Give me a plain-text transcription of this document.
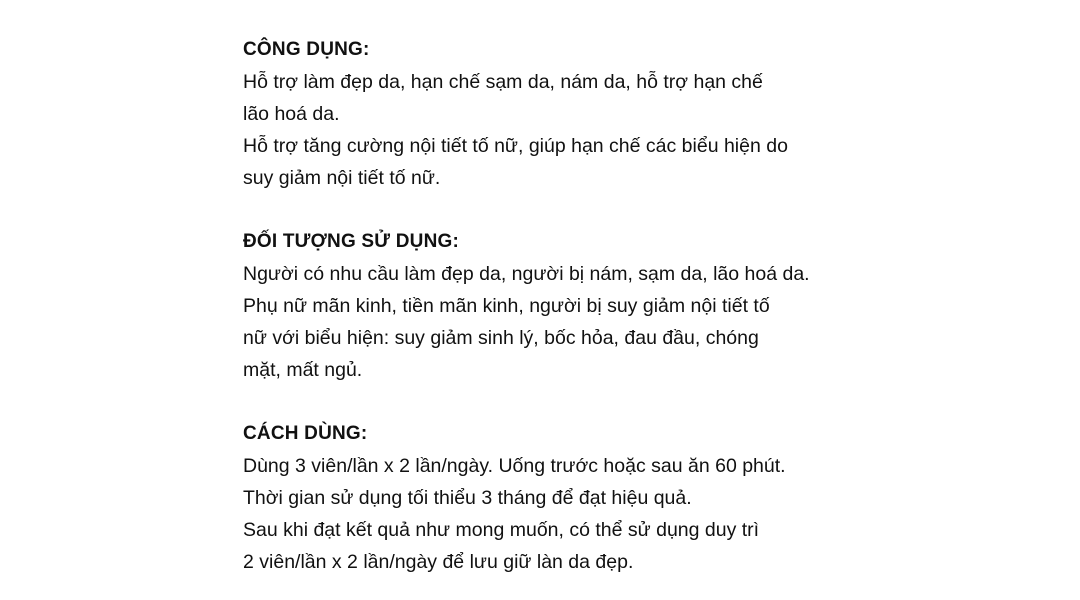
CÔNG DỤNG:

Hỗ trợ làm đẹp da, hạn chế sạm da, nám da, hỗ trợ hạn chế

lão hoá da.

Hỗ trợ tăng cường nội tiết tố nữ, giúp hạn chế các biểu hiện do

suy giảm nội tiết tố nữ.

ĐỐI TƯỢNG SỬ DỤNG:

Người có nhu cầu làm đẹp da, người bị nám, sạm da, lão hoá da.

Phụ nữ mãn kinh, tiền mãn kinh, người bị suy giảm nội tiết tố

nữ với biểu hiện: suy giảm sinh lý, bốc hỏa, đau đầu, chóng

mặt, mất ngủ.

CÁCH DÙNG:

Dùng 3 viên/lần x 2 lần/ngày. Uống trước hoặc sau ăn 60 phút.

Thời gian sử dụng tối thiểu 3 tháng để đạt hiệu quả.

Sau khi đạt kết quả như mong muốn, có thể sử dụng duy trì

2 viên/lần x 2 lần/ngày để lưu giữ làn da đẹp.
